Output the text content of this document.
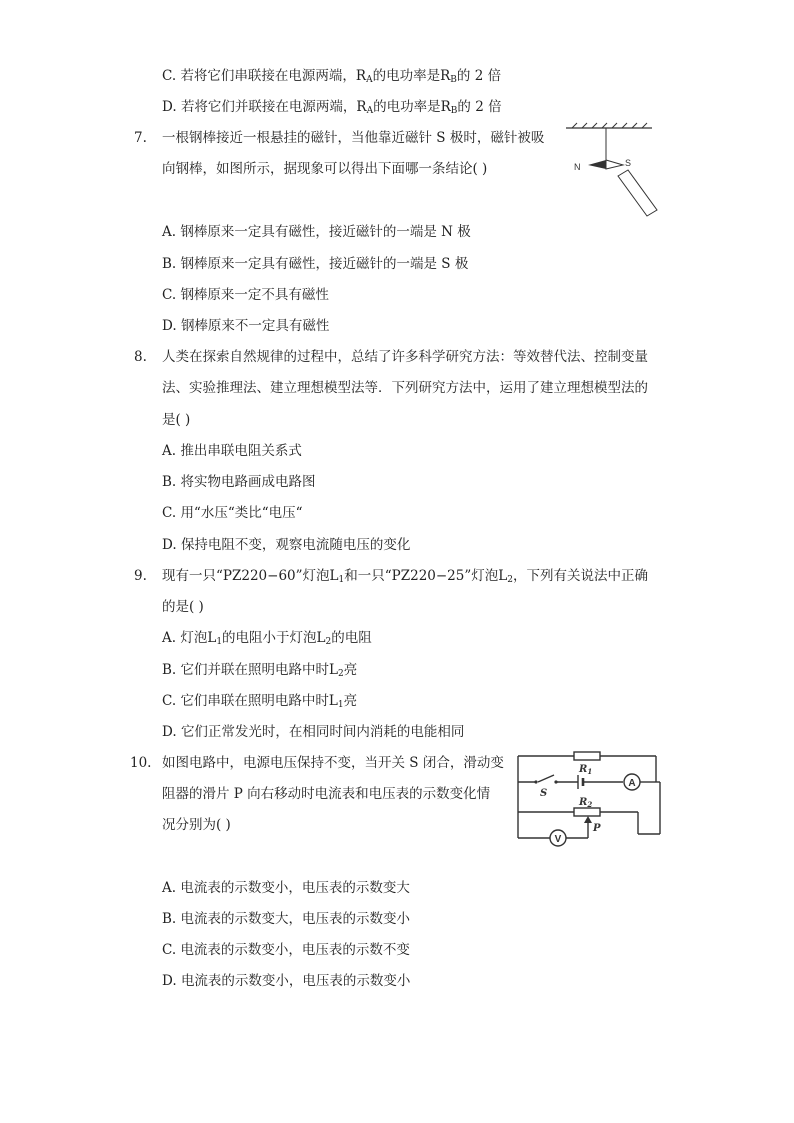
C. 若将它们串联接在电源两端，$R_A$的电功率是$R_B$的 2 倍
D. 若将它们并联接在电源两端，$R_A$的电功率是$R_B$的 2 倍
7. 一根钢棒接近一根悬挂的磁针，当他靠近磁针 S 极时，磁针被吸
向钢棒，如图所示，据现象可以得出下面哪一条结论( )	N	S
A. 钢棒原来一定具有磁性，接近磁针的一端是 N 极
B. 钢棒原来一定具有磁性，接近磁针的一端是 S 极
C. 钢棒原来一定不具有磁性
D. 钢棒原来不一定具有磁性
8. 人类在探索自然规律的过程中，总结了许多科学研究方法：等效替代法、控制变量
法、实验推理法、建立理想模型法等．下列研究方法中，运用了建立理想模型法的
是( )
A. 推出串联电阻关系式
B. 将实物电路画成电路图
C. 用“水压“类比“电压“
D. 保持电阻不变，观察电流随电压的变化
9. 现有一只“PZ220−60”灯泡$L_1$和一只“PZ220−25”灯泡$L_2$，下列有关说法中正确
的是( )
A. 灯泡$L_1$的电阻小于灯泡$L_2$的电阻
B. 它们并联在照明电路中时$L_2$亮
C. 它们串联在照明电路中时$L_1$亮
D. 它们正常发光时，在相同时间内消耗的电能相同
10. 如图电路中，电源电压保持不变，当开关 S 闭合，滑动变
阻器的滑片 P 向右移动时电流表和电压表的示数变化情
况分别为( )
$R_1$
$R_2$
S
P
A
V
A. 电流表的示数变小，电压表的示数变大
B. 电流表的示数变大，电压表的示数变小
C. 电流表的示数变小，电压表的示数不变
D. 电流表的示数变小，电压表的示数变小
